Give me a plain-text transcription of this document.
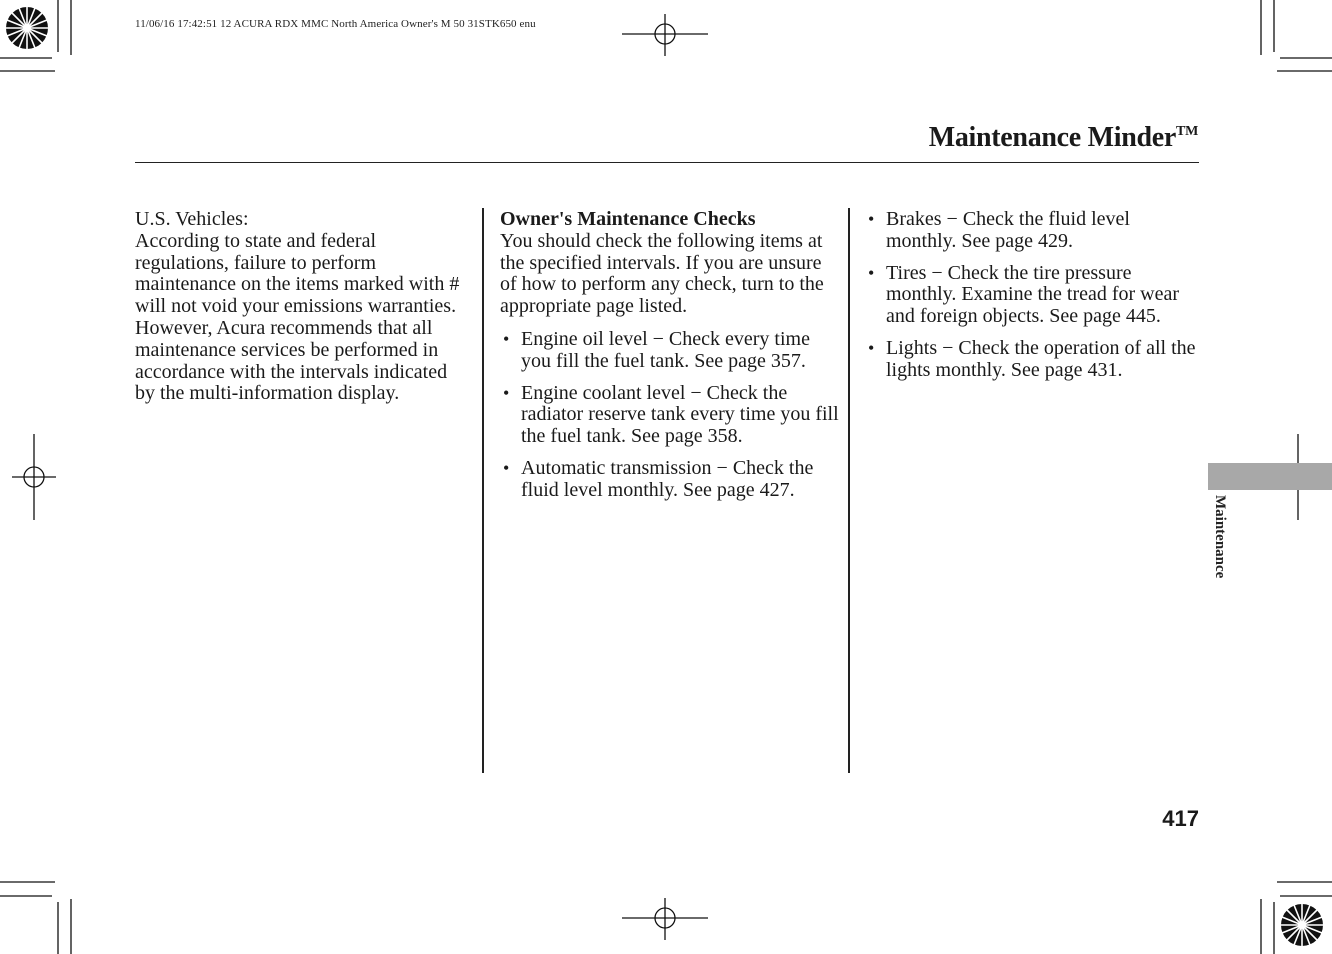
11/06/16 17:42:51 12 ACURA RDX MMC North America Owner's M 50 31STK650 enu
Maintenance Minder™

U.S. Vehicles:

According to state and federal regulations, failure to perform maintenance on the items marked with # will not void your emissions warranties. However, Acura recommends that all maintenance services be performed in accordance with the intervals indicated by the multi-information display.

Owner's Maintenance Checks

You should check the following items at the specified intervals. If you are unsure of how to perform any check, turn to the appropriate page listed.

• Engine oil level − Check every time you fill the fuel tank. See page 357.
• Engine coolant level − Check the radiator reserve tank every time you fill the fuel tank. See page 358.
• Automatic transmission − Check the fluid level monthly. See page 427.
• Brakes − Check the fluid level monthly. See page 429.
• Tires − Check the tire pressure monthly. Examine the tread for wear and foreign objects. See page 445.
• Lights − Check the operation of all the lights monthly. See page 431.
Maintenance
417
